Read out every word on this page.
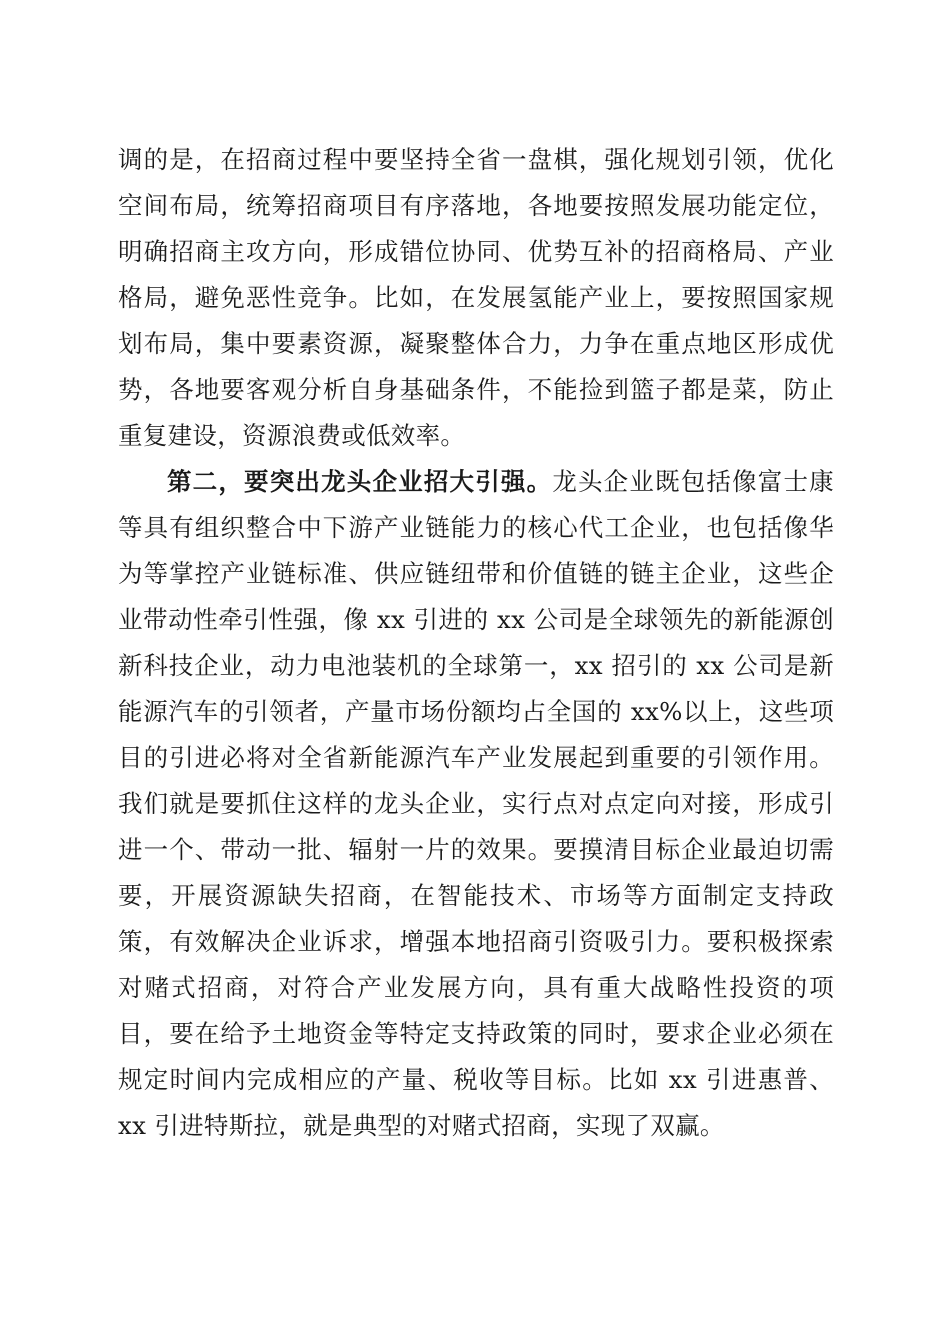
调的是，在招商过程中要坚持全省一盘棋，强化规划引领，优化空间布局，统筹招商项目有序落地，各地要按照发展功能定位，明确招商主攻方向，形成错位协同、优势互补的招商格局、产业格局，避免恶性竞争。比如，在发展氢能产业上，要按照国家规划布局，集中要素资源，凝聚整体合力，力争在重点地区形成优势，各地要客观分析自身基础条件，不能捡到篮子都是菜，防止重复建设，资源浪费或低效率。

第二，要突出龙头企业招大引强。龙头企业既包括像富士康等具有组织整合中下游产业链能力的核心代工企业，也包括像华为等掌控产业链标准、供应链纽带和价值链的链主企业，这些企业带动性牵引性强，像 xx 引进的 xx 公司是全球领先的新能源创新科技企业，动力电池装机的全球第一，xx 招引的 xx 公司是新能源汽车的引领者，产量市场份额均占全国的 xx%以上，这些项目的引进必将对全省新能源汽车产业发展起到重要的引领作用。我们就是要抓住这样的龙头企业，实行点对点定向对接，形成引进一个、带动一批、辐射一片的效果。要摸清目标企业最迫切需要，开展资源缺失招商，在智能技术、市场等方面制定支持政策，有效解决企业诉求，增强本地招商引资吸引力。要积极探索对赌式招商，对符合产业发展方向，具有重大战略性投资的项目，要在给予土地资金等特定支持政策的同时，要求企业必须在规定时间内完成相应的产量、税收等目标。比如 xx 引进惠普、xx 引进特斯拉，就是典型的对赌式招商，实现了双赢。
